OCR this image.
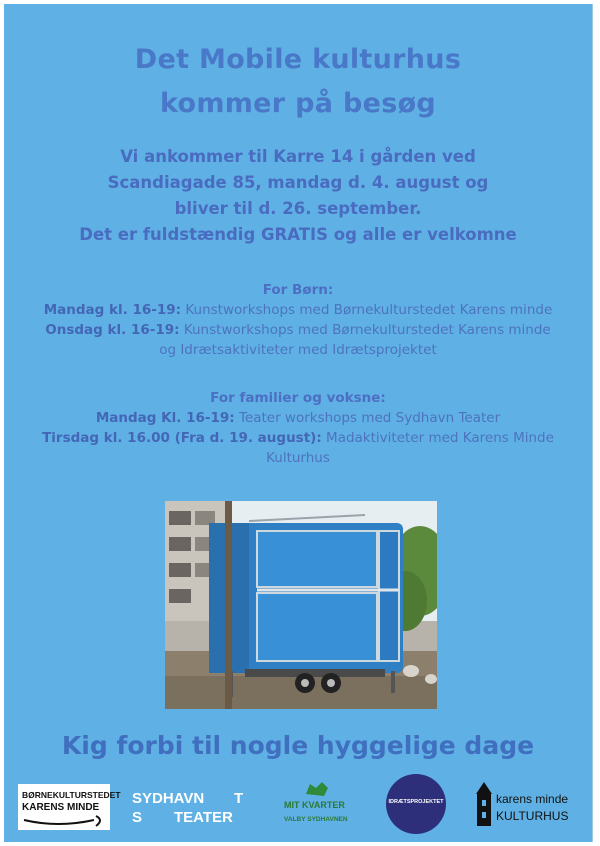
Det Mobile kulturhus
kommer på besøg
Vi ankommer til Karre 14 i gården ved
Scandiagade 85, mandag d. 4. august og
bliver til d. 26. september.
Det er fuldstændig GRATIS og alle er velkomne
For Børn:
Mandag kl. 16-19: Kunstworkshops med Børnekulturstedet Karens minde
Onsdag kl. 16-19: Kunstworkshops med Børnekulturstedet Karens minde
og Idrætsaktiviteter med Idrætsprojektet
For familier og voksne:
Mandag Kl. 16-19: Teater workshops med Sydhavn Teater
Tirsdag kl. 16.00 (Fra d. 19. august): Madaktiviteter med Karens Minde
Kulturhus
Kig forbi til nogle hyggelige dage
BØRNEKULTURSTEDET
KARENS MINDE
SYDHAVN T
S TEATER
MIT KVARTER
VALBY SYDHAVNEN
IDRÆTSPROJEKTET	karens minde
KULTURHUS
